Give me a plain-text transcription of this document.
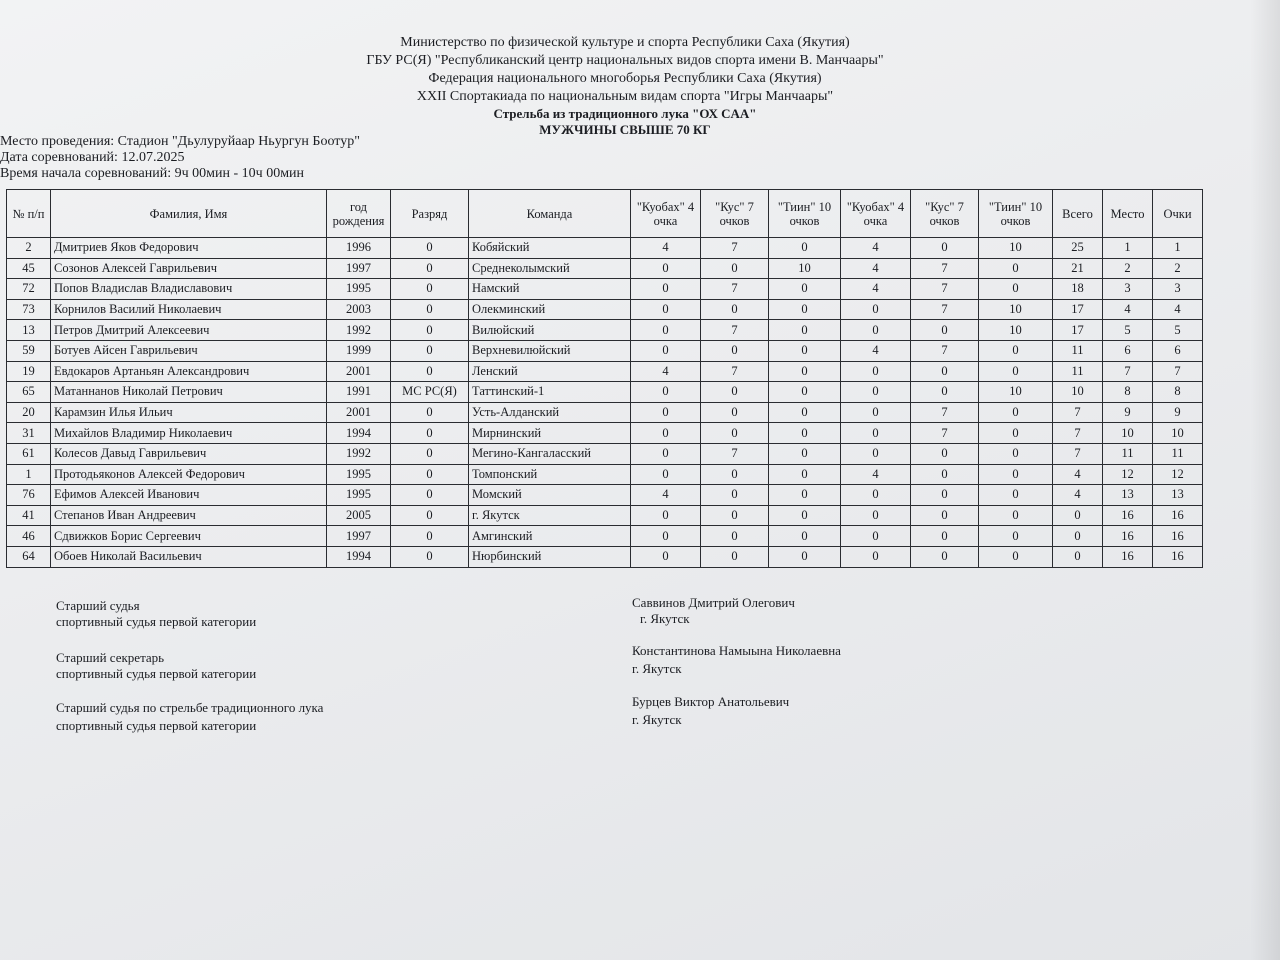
Министерство по физической культуре и спорта Республики Саха (Якутия)
ГБУ РС(Я) "Республиканский центр национальных видов спорта имени В. Манчаары"
Федерация национального многоборья Республики Саха (Якутия)
XXII Спортакиада по национальным видам спорта "Игры Манчаары"
Стрельба из традиционного лука "ОХ СAA"
МУЖЧИНЫ СВЫШЕ 70 КГ
Место проведения: Стадион "Дьулуруйаар Ньургун Боотур"
Дата соревнований: 12.07.2025
Время начала соревнований: 9ч 00мин - 10ч 00мин
№ п/п	Фамилия, Имя	год рождения	Разряд	Команда	"Куобах" 4 очка	"Кус" 7 очков	"Тиин" 10 очков	"Куобах" 4 очка	"Кус" 7 очков	"Тиин" 10 очков	Всего	Место	Очки
2	Дмитриев Яков Федорович	1996	0	Кобяйский	4	7	0	4	0	10	25	1	1
45	Созонов Алексей Гаврильевич	1997	0	Среднеколымский	0	0	10	4	7	0	21	2	2
72	Попов Владислав Владиславович	1995	0	Намский	0	7	0	4	7	0	18	3	3
73	Корнилов Василий Николаевич	2003	0	Олекминский	0	0	0	0	7	10	17	4	4
13	Петров Дмитрий Алексеевич	1992	0	Вилюйский	0	7	0	0	0	10	17	5	5
59	Ботуев Айсен Гаврильевич	1999	0	Верхневилюйский	0	0	0	4	7	0	11	6	6
19	Евдокаров Артаньян Александрович	2001	0	Ленский	4	7	0	0	0	0	11	7	7
65	Матаннанов Николай Петрович	1991	МС РС(Я)	Таттинский-1	0	0	0	0	0	10	10	8	8
20	Карамзин Илья Ильич	2001	0	Усть-Алданский	0	0	0	0	7	0	7	9	9
31	Михайлов Владимир Николаевич	1994	0	Мирнинский	0	0	0	0	7	0	7	10	10
61	Колесов Давыд Гаврильевич	1992	0	Мегино-Кангаласский	0	7	0	0	0	0	7	11	11
1	Протодьяконов Алексей Федорович	1995	0	Томпонский	0	0	0	4	0	0	4	12	12
76	Ефимов Алексей Иванович	1995	0	Момский	4	0	0	0	0	0	4	13	13
41	Степанов Иван Андреевич	2005	0	г. Якутск	0	0	0	0	0	0	0	16	16
46	Сдвижков Борис Сергеевич	1997	0	Амгинский	0	0	0	0	0	0	0	16	16
64	Обоев Николай Васильевич	1994	0	Нюрбинский	0	0	0	0	0	0	0	16	16
Старший судья
спортивный судья первой категории
Саввинов Дмитрий Олегович
г. Якутск
Старший секретарь
спортивный судья первой категории
Константинова Намыына Николаевна
г. Якутск
Старший судья по стрельбе традиционного лука
спортивный судья первой категории
Бурцев Виктор Анатольевич
г. Якутск
